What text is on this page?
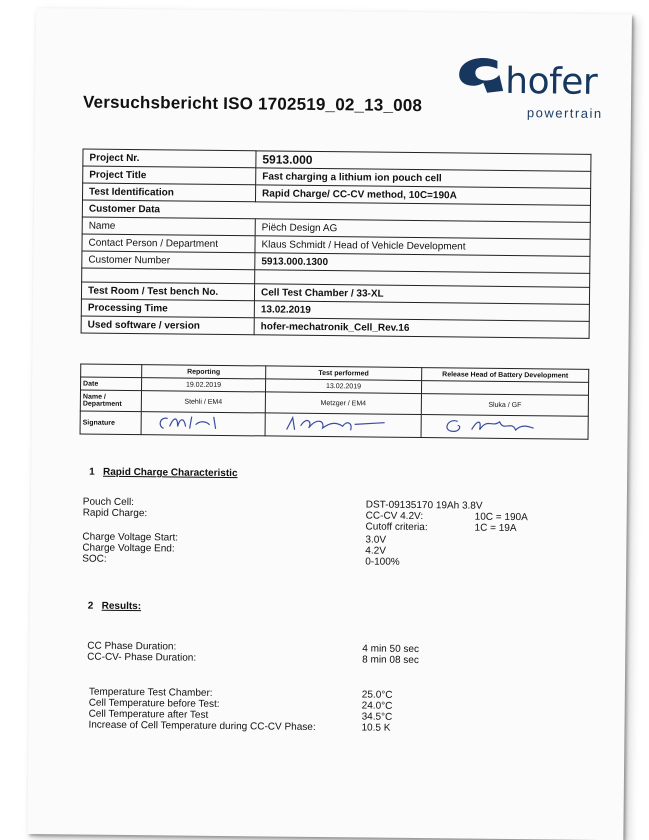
hofer
powertrain
Versuchsbericht ISO 1702519_02_13_008
Project Nr.	5913.000
Project Title	Fast charging a lithium ion pouch cell
Test Identification	Rapid Charge/ CC-CV method, 10C=190A
Customer Data	
Name	Piëch Design AG
Contact Person / Department	Klaus Schmidt / Head of Vehicle Development
Customer Number	5913.000.1300

Test Room / Test bench No.	Cell Test Chamber / 33-XL
Processing Time	13.02.2019
Used software / version	hofer-mechatronik_Cell_Rev.16
	Reporting	Test performed	Release Head of Battery Development
Date	19.02.2019	13.02.2019	
Name / Department	Stehli / EM4	Metzger / EM4	Sluka / GF
Signature			
1 Rapid Charge Characteristic
Pouch Cell:	DST-09135170 19Ah 3.8V
Rapid Charge:	CC-CV 4.2V:	10C = 190A
Cutoff criteria:	1C = 19A
Charge Voltage Start:	3.0V
Charge Voltage End:	4.2V
SOC:	0-100%
2 Results:
CC Phase Duration:	4 min 50 sec
CC-CV- Phase Duration:	8 min 08 sec
Temperature Test Chamber:	25.0°C
Cell Temperature before Test:	24.0°C
Cell Temperature after Test	34.5°C
Increase of Cell Temperature during CC-CV Phase:	10.5 K
